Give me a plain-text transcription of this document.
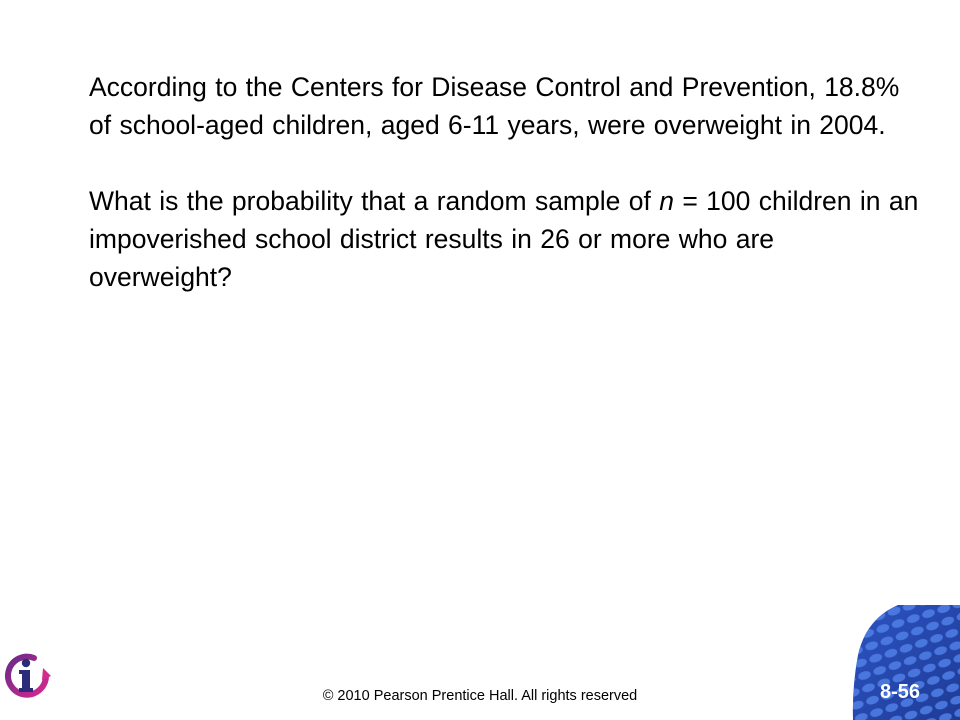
According to the Centers for Disease Control and Prevention, 18.8% of school-aged children, aged 6-11 years, were overweight in 2004.

What is the probability that a random sample of n = 100 children in an impoverished school district results in 26 or more who are overweight?

© 2010 Pearson Prentice Hall. All rights reserved	8-56
